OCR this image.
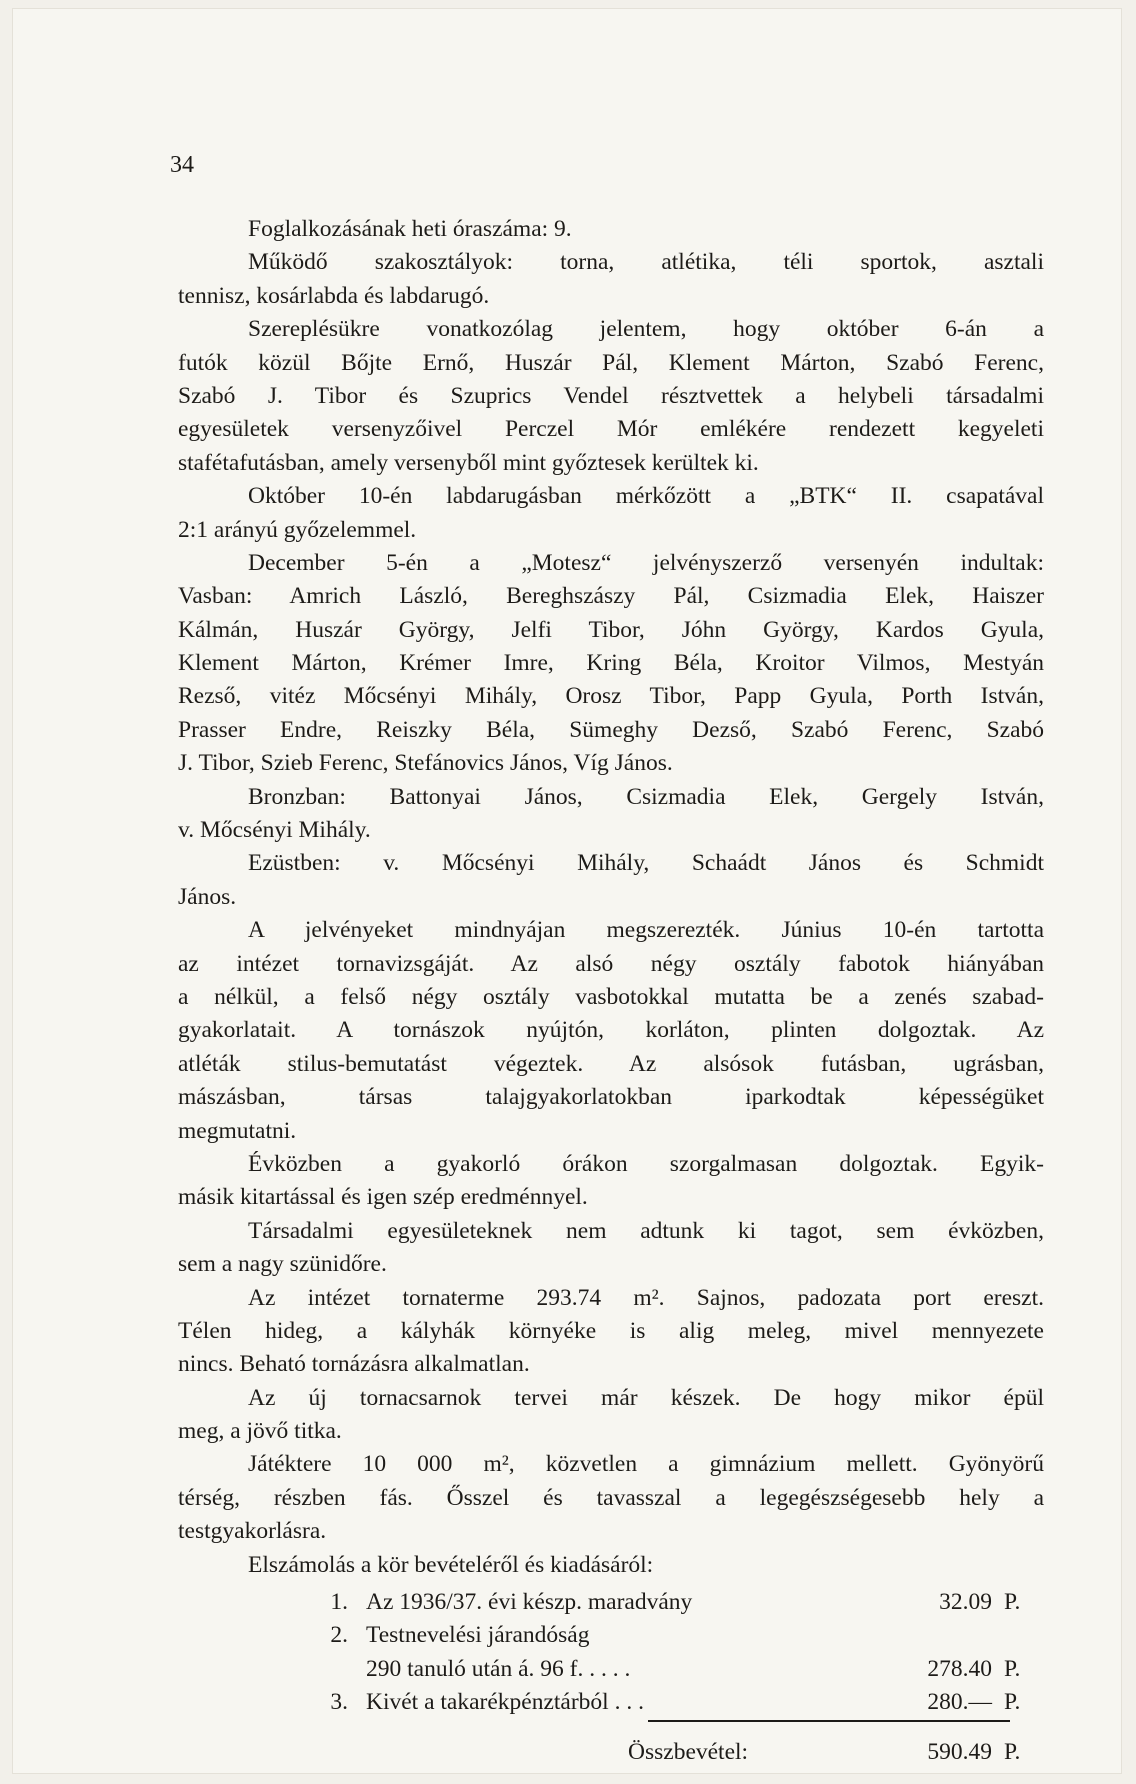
34
Foglalkozásának heti óraszáma: 9.
Működő szakosztályok: torna, atlétika, téli sportok, asztali
tennisz, kosárlabda és labdarugó.
Szereplésükre vonatkozólag jelentem, hogy október 6-án a
futók közül Bőjte Ernő, Huszár Pál, Klement Márton, Szabó Ferenc,
Szabó J. Tibor és Szuprics Vendel résztvettek a helybeli társadalmi
egyesületek versenyzőivel Perczel Mór emlékére rendezett kegyeleti
stafétafutásban, amely versenyből mint győztesek kerültek ki.
Október 10-én labdarugásban mérkőzött a „BTK“ II. csapatával
2:1 arányú győzelemmel.
December 5-én a „Motesz“ jelvényszerző versenyén indultak:
Vasban: Amrich László, Bereghszászy Pál, Csizmadia Elek, Haiszer
Kálmán, Huszár György, Jelfi Tibor, Jóhn György, Kardos Gyula,
Klement Márton, Krémer Imre, Kring Béla, Kroitor Vilmos, Mestyán
Rezső, vitéz Mőcsényi Mihály, Orosz Tibor, Papp Gyula, Porth István,
Prasser Endre, Reiszky Béla, Sümeghy Dezső, Szabó Ferenc, Szabó
J. Tibor, Szieb Ferenc, Stefánovics János, Víg János.
Bronzban: Battonyai János, Csizmadia Elek, Gergely István,
v. Mőcsényi Mihály.
Ezüstben: v. Mőcsényi Mihály, Schaádt János és Schmidt
János.
A jelvényeket mindnyájan megszerezték. Június 10-én tartotta
az intézet tornavizsgáját. Az alsó négy osztály fabotok hiányában
a nélkül, a felső négy osztály vasbotokkal mutatta be a zenés szabad-
gyakorlatait. A tornászok nyújtón, korláton, plinten dolgoztak. Az
atléták stilus-bemutatást végeztek. Az alsósok futásban, ugrásban,
mászásban, társas talajgyakorlatokban iparkodtak képességüket
megmutatni.
Évközben a gyakorló órákon szorgalmasan dolgoztak. Egyik-
másik kitartással és igen szép eredménnyel.
Társadalmi egyesületeknek nem adtunk ki tagot, sem évközben,
sem a nagy szünidőre.
Az intézet tornaterme 293.74 m². Sajnos, padozata port ereszt.
Télen hideg, a kályhák környéke is alig meleg, mivel mennyezete
nincs. Beható tornázásra alkalmatlan.
Az új tornacsarnok tervei már készek. De hogy mikor épül
meg, a jövő titka.
Játéktere 10 000 m², közvetlen a gimnázium mellett. Gyönyörű
térség, részben fás. Ősszel és tavasszal a legegészségesebb hely a
testgyakorlásra.
Elszámolás a kör bevételéről és kiadásáról:
1. Az 1936/37. évi készp. maradvány	32.09 P.
2. Testnevelési járandóság
290 tanuló után á. 96 f. . . . .	278.40 P.
3. Kivét a takarékpénztárból . . .	280.— P.
Összbevétel:	590.49 P.
